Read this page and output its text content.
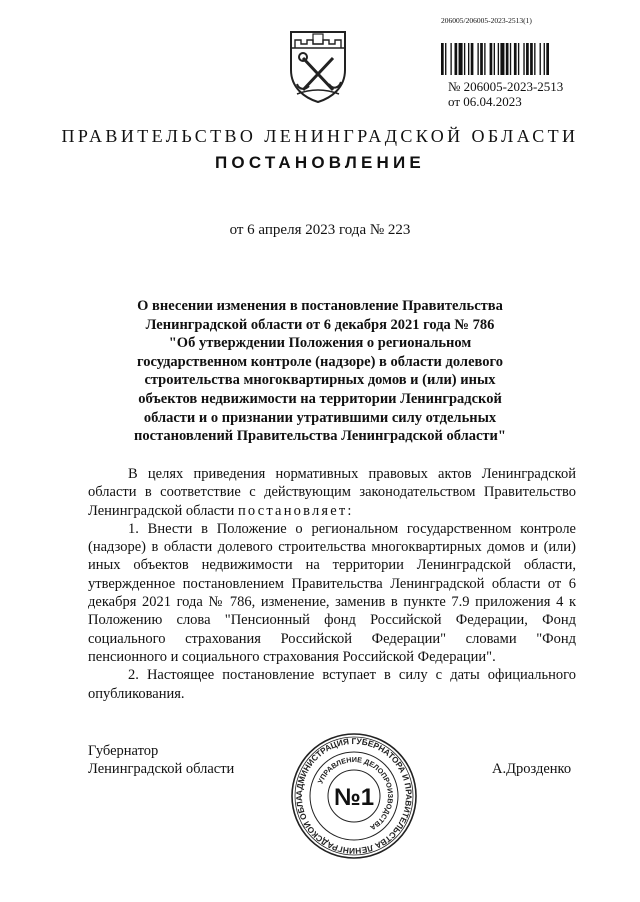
206005/206005-2023-2513(1)
№ 206005-2023-2513
от 06.04.2023
ПРАВИТЕЛЬСТВО ЛЕНИНГРАДСКОЙ ОБЛАСТИ
ПОСТАНОВЛЕНИЕ
от 6 апреля 2023 года № 223
О внесении изменения в постановление Правительства
Ленинградской области от 6 декабря 2021 года № 786
"Об утверждении Положения о региональном
государственном контроле (надзоре) в области долевого
строительства многоквартирных домов и (или) иных
объектов недвижимости на территории Ленинградской
области и о признании утратившими силу отдельных
постановлений Правительства Ленинградской области"

В целях приведения нормативных правовых актов Ленинградской области в соответствие с действующим законодательством Правительство Ленинградской области постановляет:

1. Внести в Положение о региональном государственном контроле (надзоре) в области долевого строительства многоквартирных домов и (или) иных объектов недвижимости на территории Ленинградской области, утвержденное постановлением Правительства Ленинградской области от 6 декабря 2021 года № 786, изменение, заменив в пункте 7.9 приложения 4 к Положению слова "Пенсионный фонд Российской Федерации, Фонд социального страхования Российской Федерации" словами "Фонд пенсионного и социального страхования Российской Федерации".

2. Настоящее постановление вступает в силу с даты официального опубликования.

Губернатор
Ленинградской области	А.Дрозденко
АДМИНИСТРАЦИЯ ГУБЕРНАТОРА И ПРАВИТЕЛЬСТВА ЛЕНИНГРАДСКОЙ ОБЛА
УПРАВЛЕНИЕ ДЕЛОПРОИЗВОДСТВА
№1
